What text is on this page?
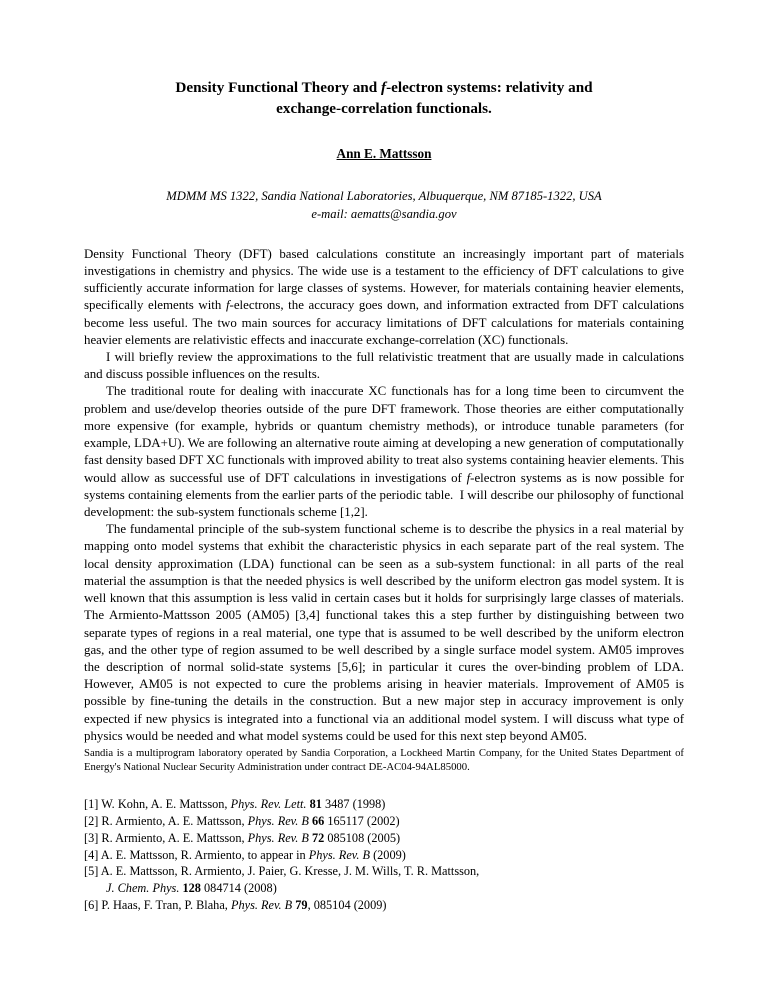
Density Functional Theory and f-electron systems: relativity and
exchange-correlation functionals.
Ann E. Mattsson
MDMM MS 1322, Sandia National Laboratories, Albuquerque, NM 87185-1322, USA
e-mail: aematts@sandia.gov

Density Functional Theory (DFT) based calculations constitute an increasingly important part of materials investigations in chemistry and physics. The wide use is a testament to the efficiency of DFT calculations to give sufficiently accurate information for large classes of systems. However, for materials containing heavier elements, specifically elements with f-electrons, the accuracy goes down, and information extracted from DFT calculations become less useful. The two main sources for accuracy limitations of DFT calculations for materials containing heavier elements are relativistic effects and inaccurate exchange-correlation (XC) functionals.

I will briefly review the approximations to the full relativistic treatment that are usually made in calculations and discuss possible influences on the results.

The traditional route for dealing with inaccurate XC functionals has for a long time been to circumvent the problem and use/develop theories outside of the pure DFT framework. Those theories are either computationally more expensive (for example, hybrids or quantum chemistry methods), or introduce tunable parameters (for example, LDA+U). We are following an alternative route aiming at developing a new generation of computationally fast density based DFT XC functionals with improved ability to treat also systems containing heavier elements. This would allow as successful use of DFT calculations in investigations of f-electron systems as is now possible for systems containing elements from the earlier parts of the periodic table.  I will describe our philosophy of functional development: the sub-system functionals scheme [1,2].

The fundamental principle of the sub-system functional scheme is to describe the physics in a real material by mapping onto model systems that exhibit the characteristic physics in each separate part of the real system. The local density approximation (LDA) functional can be seen as a sub-system functional: in all parts of the real material the assumption is that the needed physics is well described by the uniform electron gas model system. It is well known that this assumption is less valid in certain cases but it holds for surprisingly large classes of materials. The Armiento-Mattsson 2005 (AM05) [3,4] functional takes this a step further by distinguishing between two separate types of regions in a real material, one type that is assumed to be well described by the uniform electron gas, and the other type of region assumed to be well described by a single surface model system. AM05 improves the description of normal solid-state systems [5,6]; in particular it cures the over-binding problem of LDA. However, AM05 is not expected to cure the problems arising in heavier materials. Improvement of AM05 is possible by fine-tuning the details in the construction. But a new major step in accuracy improvement is only expected if new physics is integrated into a functional via an additional model system. I will discuss what type of physics would be needed and what model systems could be used for this next step beyond AM05.

Sandia is a multiprogram laboratory operated by Sandia Corporation, a Lockheed Martin Company, for the United States Department of Energy's National Nuclear Security Administration under contract DE-AC04-94AL85000.
[1] W. Kohn, A. E. Mattsson, Phys. Rev. Lett. 81 3487 (1998)
[2] R. Armiento, A. E. Mattsson, Phys. Rev. B 66 165117 (2002)
[3] R. Armiento, A. E. Mattsson, Phys. Rev. B 72 085108 (2005)
[4] A. E. Mattsson, R. Armiento, to appear in Phys. Rev. B (2009)
[5] A. E. Mattsson, R. Armiento, J. Paier, G. Kresse, J. M. Wills, T. R. Mattsson,
J. Chem. Phys. 128 084714 (2008)
[6] P. Haas, F. Tran, P. Blaha, Phys. Rev. B 79, 085104 (2009)
